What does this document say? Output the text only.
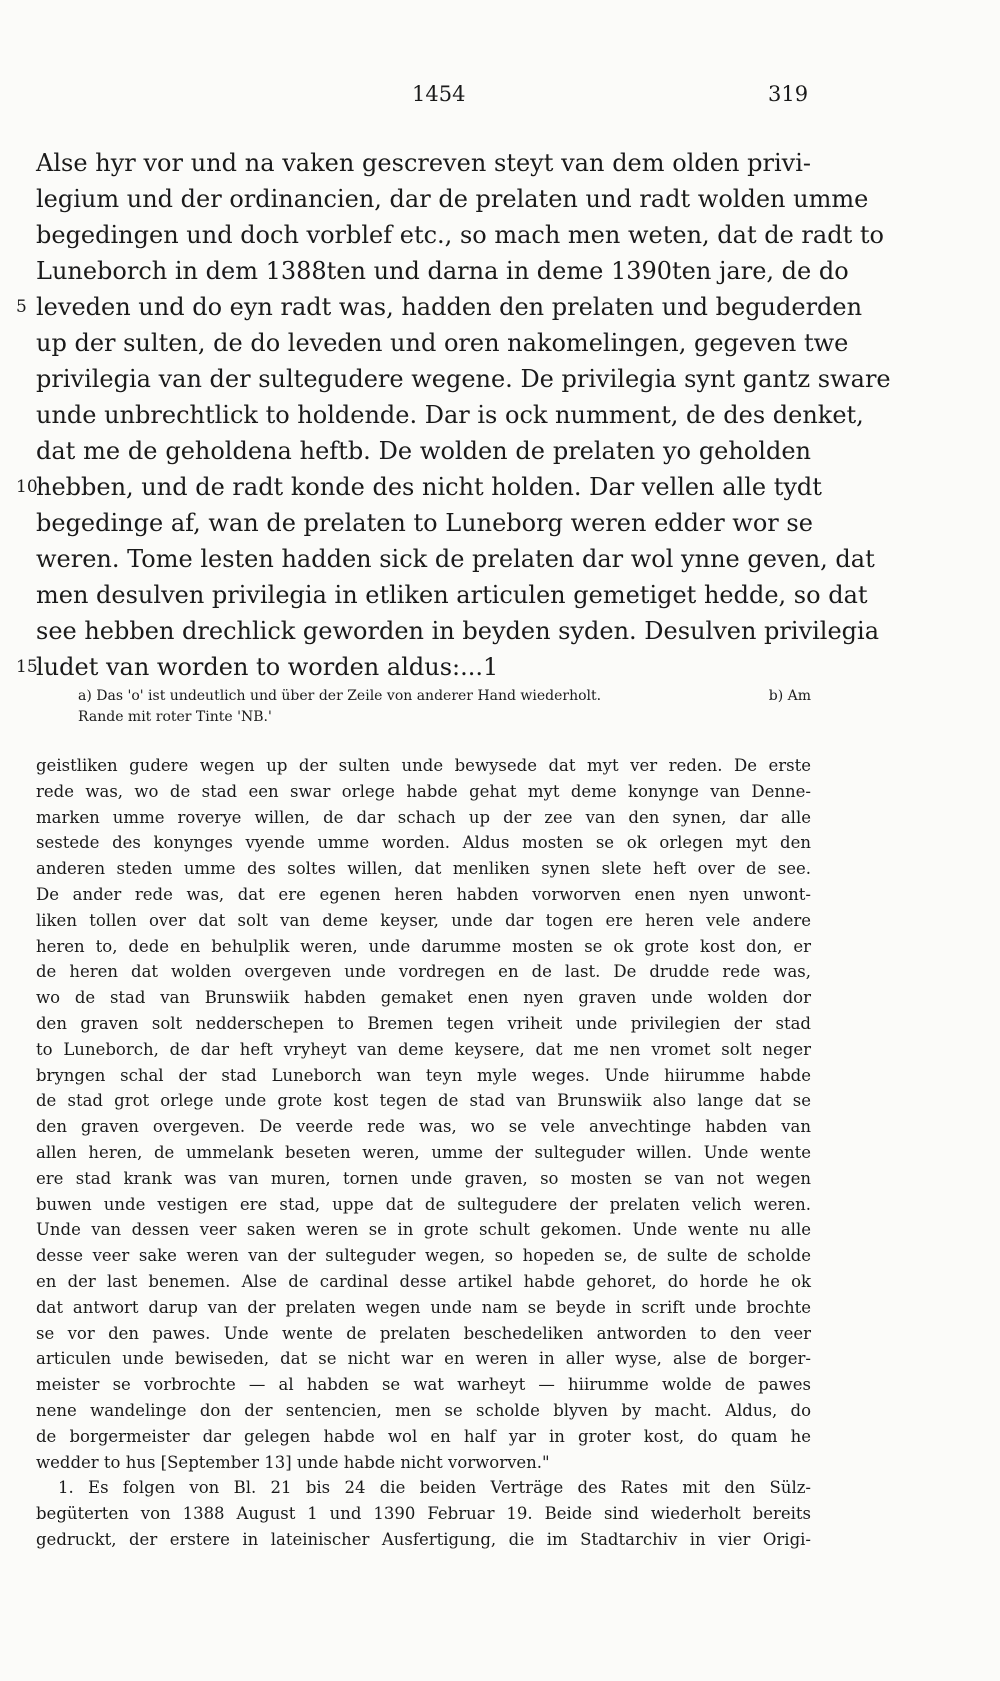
1454	319
Alse hyr vor und na vaken gescreven steyt van dem olden privi-
legium und der ordinancien, dar de prelaten und radt wolden umme
begedingen und doch vorblef etc., so mach men weten, dat de radt to
Luneborch in dem 1388ten und darna in deme 1390ten jare, de do
5 leveden und do eyn radt was, hadden den prelaten und beguderden
up der sulten, de do leveden und oren nakomelingen, gegeven twe
privilegia van der sultegudere wegene. De privilegia synt gantz sware
unde unbrechtlick to holdende. Dar is ock numment, de des denket,
dat me de geholdena heftb. De wolden de prelaten yo geholden
10
hebben, und de radt konde des nicht holden. Dar vellen alle tydt
begedinge af, wan de prelaten to Luneborg weren edder wor se
weren. Tome lesten hadden sick de prelaten dar wol ynne geven, dat
men desulven privilegia in etliken articulen gemetiget hedde, so dat
see hebben drechlick geworden in beyden syden. Desulven privilegia
15
ludet van worden to worden aldus:...1
a) Das 'o' ist undeutlich und über der Zeile von anderer Hand wiederholt.	b) Am
Rande mit roter Tinte 'NB.'
geistliken gudere wegen up der sulten unde bewysede dat myt ver reden. De erste
rede was, wo de stad een swar orlege habde gehat myt deme konynge van Denne-
marken umme roverye willen, de dar schach up der zee van den synen, dar alle
sestede des konynges vyende umme worden. Aldus mosten se ok orlegen myt den
anderen steden umme des soltes willen, dat menliken synen slete heft over de see.
De ander rede was, dat ere egenen heren habden vorworven enen nyen unwont-
liken tollen over dat solt van deme keyser, unde dar togen ere heren vele andere
heren to, dede en behulplik weren, unde darumme mosten se ok grote kost don, er
de heren dat wolden overgeven unde vordregen en de last. De drudde rede was,
wo de stad van Brunswiik habden gemaket enen nyen graven unde wolden dor
den graven solt nedderschepen to Bremen tegen vriheit unde privilegien der stad
to Luneborch, de dar heft vryheyt van deme keysere, dat me nen vromet solt neger
bryngen schal der stad Luneborch wan teyn myle weges. Unde hiirumme habde
de stad grot orlege unde grote kost tegen de stad van Brunswiik alsо lange dat se
den graven overgeven. De veerde rede was, wo se vele anvechtinge habden van
allen heren, de ummelank beseten weren, umme der sultegudеr willen. Unde wente
ere stad krank was van muren, tornen unde graven, so mosten se van not wegen
buwen unde vestigen ere stad, uppe dat de sultegudere der prelaten velich weren.
Unde van dessen veer saken weren se in grote schult gekomen. Unde wente nu alle
desse veer sake weren van der sulteguder wegen, so hopeden se, de sulte de scholde
en der last benemen. Alse de cardinal desse artikel habde gehoret, do horde he ok
dat antwort darup van der prelaten wegen unde nam se beyde in scrift unde brochte
se vor den pawes. Unde wente de prelaten beschedeliken antworden to den veer
articulen unde bewiseden, dat se nicht war en weren in aller wyse, alse de borger-
meister se vorbrochte — al habden se wat warheyt — hiirumme wolde de pawes
nene wandelinge don der sentencien, men se scholde blyven by macht. Aldus, do
de borgermeister dar gelegen habde wol en half yar in groter kost, do quam he
wedder to hus [September 13] unde habde nicht vorworven."
1. Es folgen von Bl. 21 bis 24 die beiden Verträge des Rates mit den Sülz-
begüterten von 1388 August 1 und 1390 Februar 19. Beide sind wiederholt bereits
gedruckt, der erstere in lateinischer Ausfertigung, die im Stadtarchiv in vier Origi-
